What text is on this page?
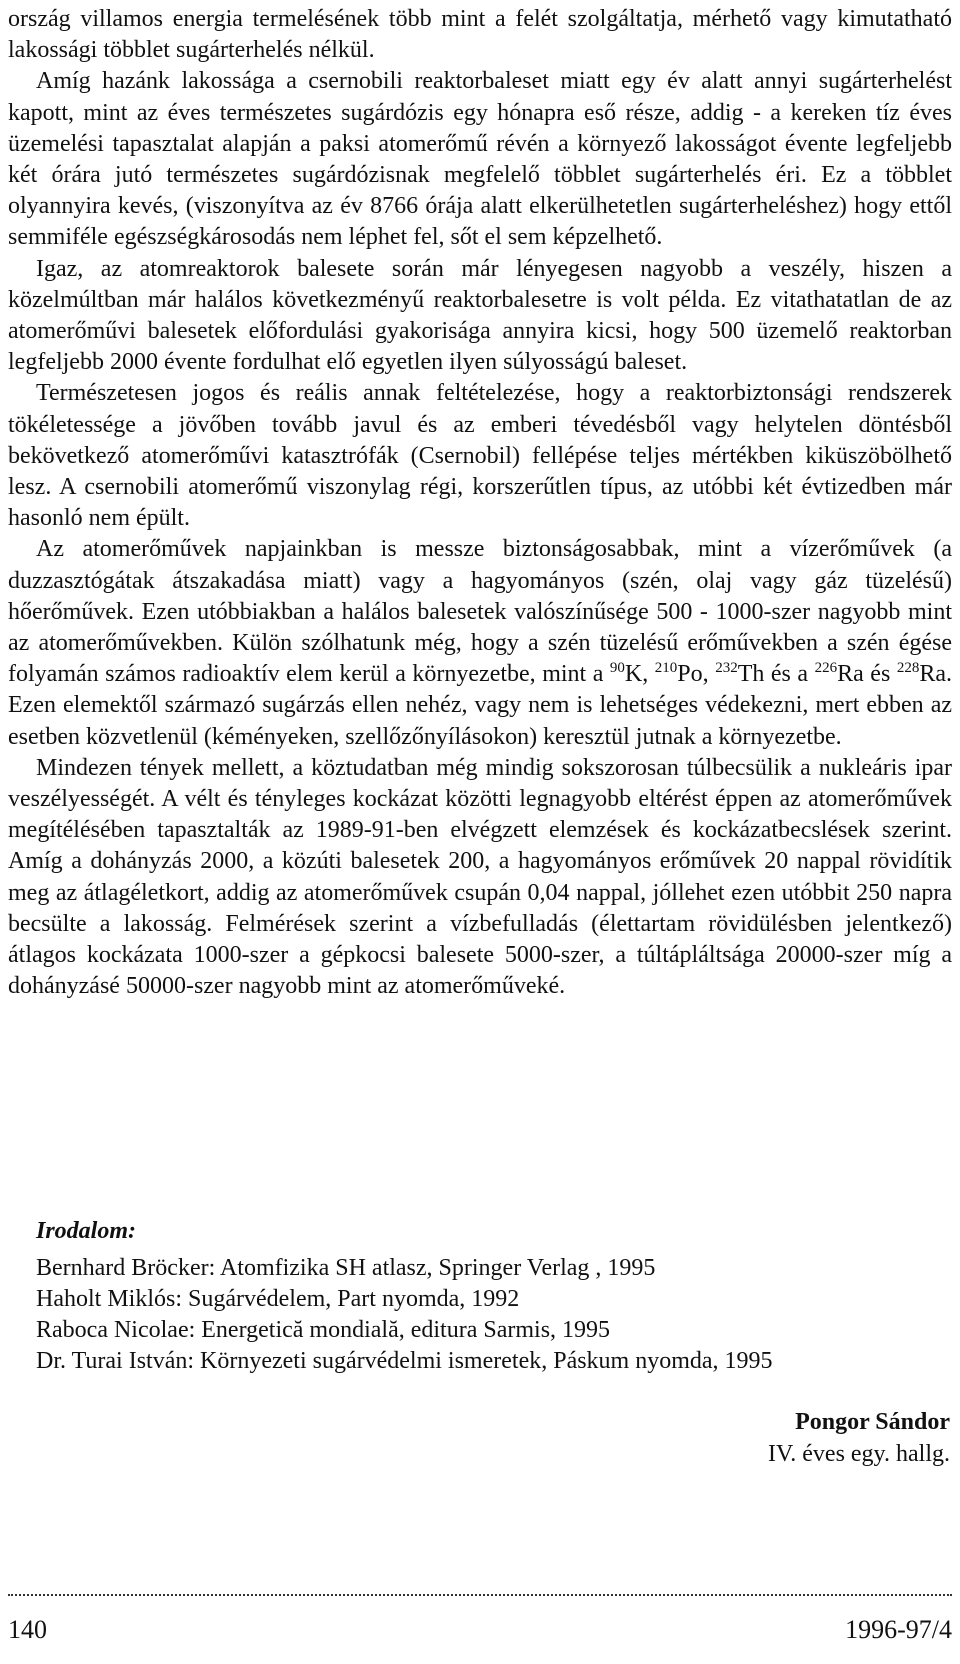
ország villamos energia termelésének több mint a felét szolgáltatja, mérhető vagy kimutatható lakossági többlet sugárterhelés nélkül.

Amíg hazánk lakossága a csernobili reaktorbaleset miatt egy év alatt annyi sugárterhelést kapott, mint az éves természetes sugárdózis egy hónapra eső része, addig - a kereken tíz éves üzemelési tapasztalat alapján a paksi atomerőmű révén a környező lakosságot évente legfeljebb két órára jutó természetes sugárdózisnak megfelelő többlet sugárterhelés éri. Ez a többlet olyannyira kevés, (viszonyítva az év 8766 órája alatt elkerülhetetlen sugárterheléshez) hogy ettől semmiféle egészségkárosodás nem léphet fel, sőt el sem képzelhető.

Igaz, az atomreaktorok balesete során már lényegesen nagyobb a veszély, hiszen a közelmúltban már halálos következményű reaktorbalesetre is volt példa. Ez vitathatatlan de az atomerőművi balesetek előfordulási gyakorisága annyira kicsi, hogy 500 üzemelő reaktorban legfeljebb 2000 évente fordulhat elő egyetlen ilyen súlyosságú baleset.

Természetesen jogos és reális annak feltételezése, hogy a reaktorbiztonsági rendszerek tökéletessége a jövőben tovább javul és az emberi tévedésből vagy helytelen döntésből bekövetkező atomerőművi katasztrófák (Csernobil) fellépése teljes mértékben kiküszöbölhető lesz. A csernobili atomerőmű viszonylag régi, korszerűtlen típus, az utóbbi két évtizedben már hasonló nem épült.

Az atomerőművek napjainkban is messze biztonságosabbak, mint a vízerőművek (a duzzasztógátak átszakadása miatt) vagy a hagyományos (szén, olaj vagy gáz tüzelésű) hőerőművek. Ezen utóbbiakban a halálos balesetek valószínűsége 500 - 1000-szer nagyobb mint az atomerőművekben. Külön szólhatunk még, hogy a szén tüzelésű erőművekben a szén égése folyamán számos radioaktív elem kerül a környezetbe, mint a $^{90}$K, $^{210}$Po, $^{232}$Th és a $^{226}$Ra és $^{228}$Ra. Ezen elemektől származó sugárzás ellen nehéz, vagy nem is lehetséges védekezni, mert ebben az esetben közvetlenül (kéményeken, szellőzőnyílásokon) keresztül jutnak a környezetbe.

Mindezen tények mellett, a köztudatban még mindig sokszorosan túlbecsülik a nukleáris ipar veszélyességét. A vélt és tényleges kockázat közötti legnagyobb eltérést éppen az atomerőművek megítélésében tapasztalták az 1989-91-ben elvégzett elemzések és kockázatbecslések szerint. Amíg a dohányzás 2000, a közúti balesetek 200, a hagyományos erőművek 20 nappal rövidítik meg az átlagéletkort, addig az atomerőművek csupán 0,04 nappal, jóllehet ezen utóbbit 250 napra becsülte a lakosság. Felmérések szerint a vízbefulladás (élettartam rövidülésben jelentkező) átlagos kockázata 1000-szer a gépkocsi balesete 5000-szer, a túltápláltsága 20000-szer míg a dohányzásé 50000-szer nagyobb mint az atomerőműveké.

Irodalom:
Bernhard Bröcker: Atomfizika SH atlasz, Springer Verlag , 1995
Haholt Miklós: Sugárvédelem, Part nyomda, 1992
Raboca Nicolae: Energetică mondială, editura Sarmis, 1995
Dr. Turai István: Környezeti sugárvédelmi ismeretek, Páskum nyomda, 1995
Pongor Sándor
IV. éves egy. hallg.
140	1996-97/4
